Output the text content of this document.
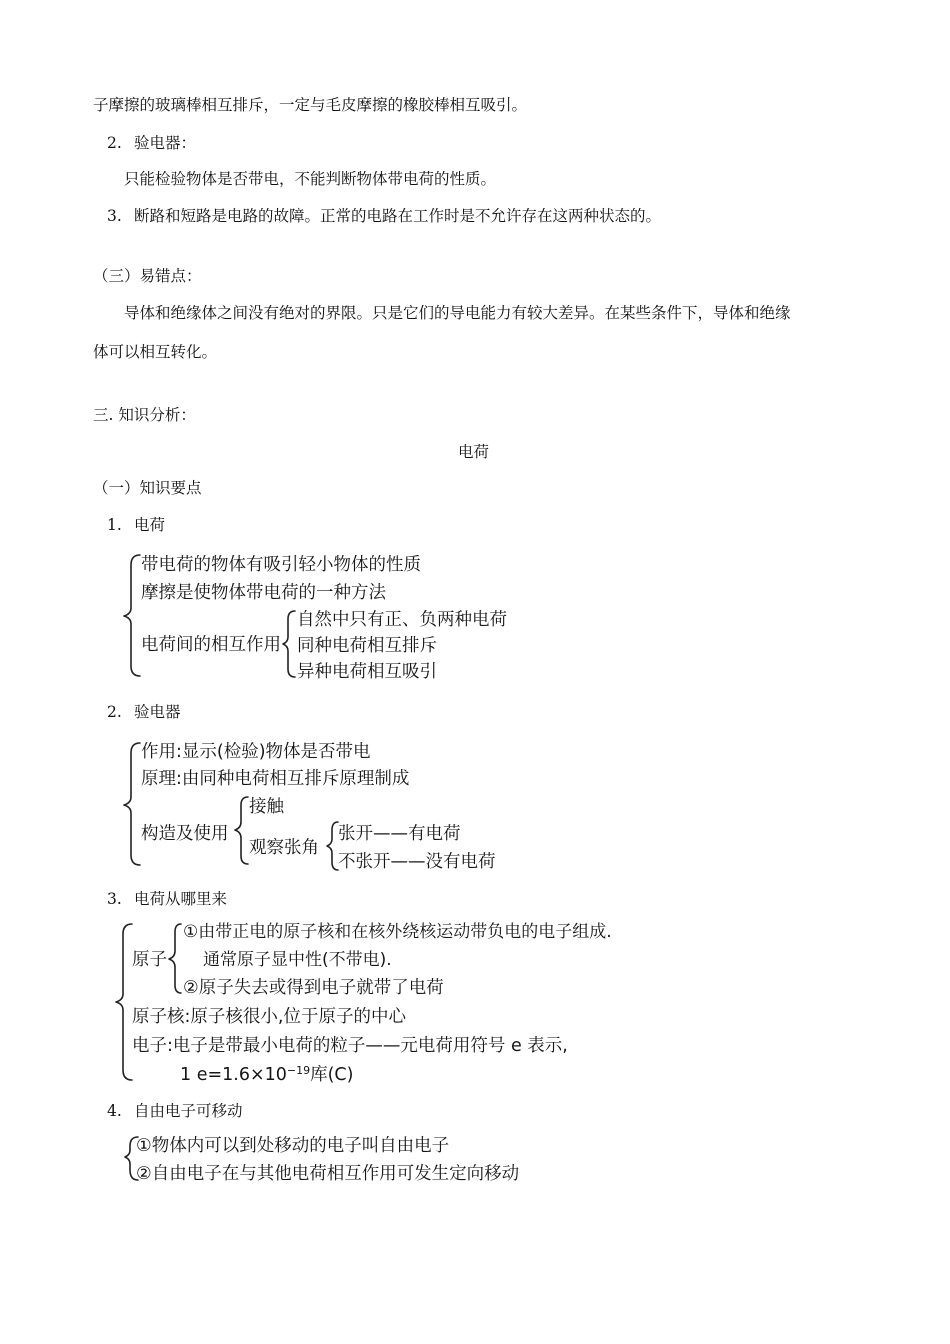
子摩擦的玻璃棒相互排斥，一定与毛皮摩擦的橡胶棒相互吸引。
2. 验电器：
只能检验物体是否带电，不能判断物体带电荷的性质。
3. 断路和短路是电路的故障。正常的电路在工作时是不允许存在这两种状态的。
（三）易错点：
导体和绝缘体之间没有绝对的界限。只是它们的导电能力有较大差异。在某些条件下，导体和绝缘
体可以相互转化。
三. 知识分析：
电荷
（一）知识要点
1. 电荷
带电荷的物体有吸引轻小物体的性质
摩擦是使物体带电荷的一种方法
电荷间的相互作用
自然中只有正、负两种电荷
同种电荷相互排斥
异种电荷相互吸引
2. 验电器
作用:显示(检验)物体是否带电
原理:由同种电荷相互排斥原理制成
构造及使用
接触
观察张角
张开——有电荷
不张开——没有电荷
3. 电荷从哪里来
原子
①由带正电的原子核和在核外绕核运动带负电的电子组成.
通常原子显中性(不带电).
②原子失去或得到电子就带了电荷
原子核:原子核很小,位于原子的中心
电子:电子是带最小电荷的粒子——元电荷用符号 e 表示,
1 $e=1.6\times 10^{-19}$库(C)
4. 自由电子可移动
①物体内可以到处移动的电子叫自由电子
②自由电子在与其他电荷相互作用可发生定向移动
